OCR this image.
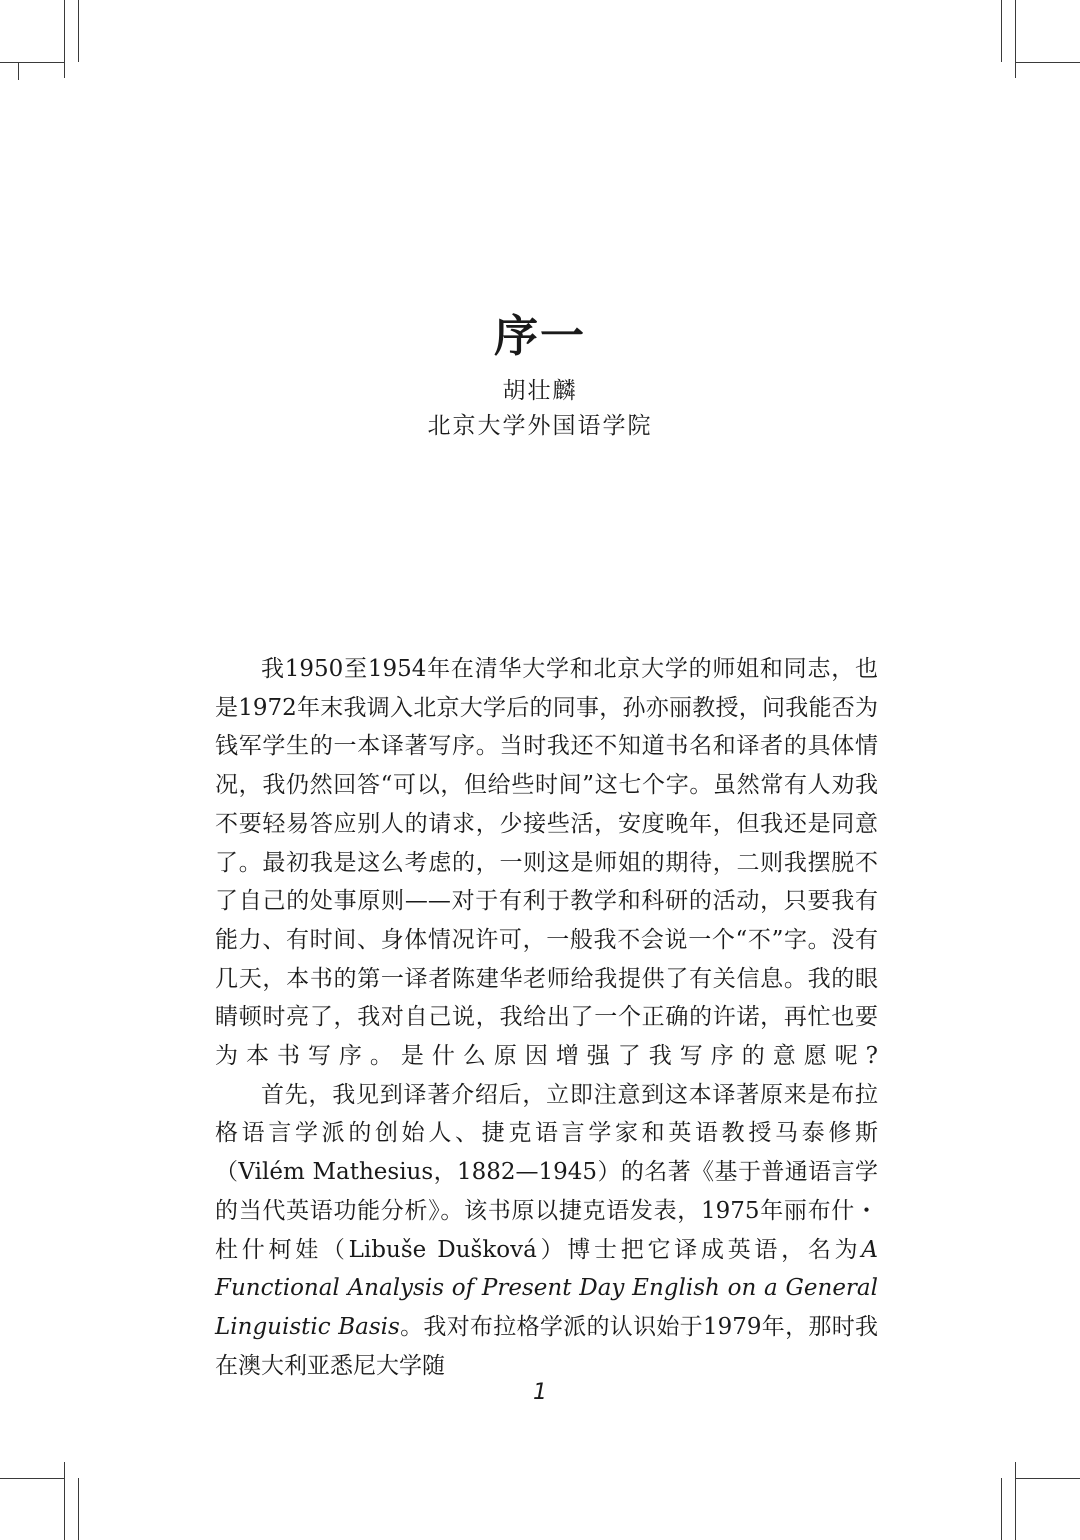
序一
胡壮麟
北京大学外国语学院

我1950至1954年在清华大学和北京大学的师姐和同志，也是1972年末我调入北京大学后的同事，孙亦丽教授，问我能否为钱军学生的一本译著写序。当时我还不知道书名和译者的具体情况，我仍然回答“可以，但给些时间”这七个字。虽然常有人劝我不要轻易答应别人的请求，少接些活，安度晚年，但我还是同意了。最初我是这么考虑的，一则这是师姐的期待，二则我摆脱不了自己的处事原则——对于有利于教学和科研的活动，只要我有能力、有时间、身体情况许可，一般我不会说一个“不”字。没有几天，本书的第一译者陈建华老师给我提供了有关信息。我的眼睛顿时亮了，我对自己说，我给出了一个正确的许诺，再忙也要为本书写序。是什么原因增强了我写序的意愿呢?

首先，我见到译著介绍后，立即注意到这本译著原来是布拉格语言学派的创始人、捷克语言学家和英语教授马泰修斯（Vilém Mathesius，1882—1945）的名著《基于普通语言学的当代英语功能分析》。该书原以捷克语发表，1975年丽布什・杜什柯娃（Libuše Dušková）博士把它译成英语，名为A Functional Analysis of Present Day English on a General Linguistic Basis。我对布拉格学派的认识始于1979年，那时我在澳大利亚悉尼大学随

1
